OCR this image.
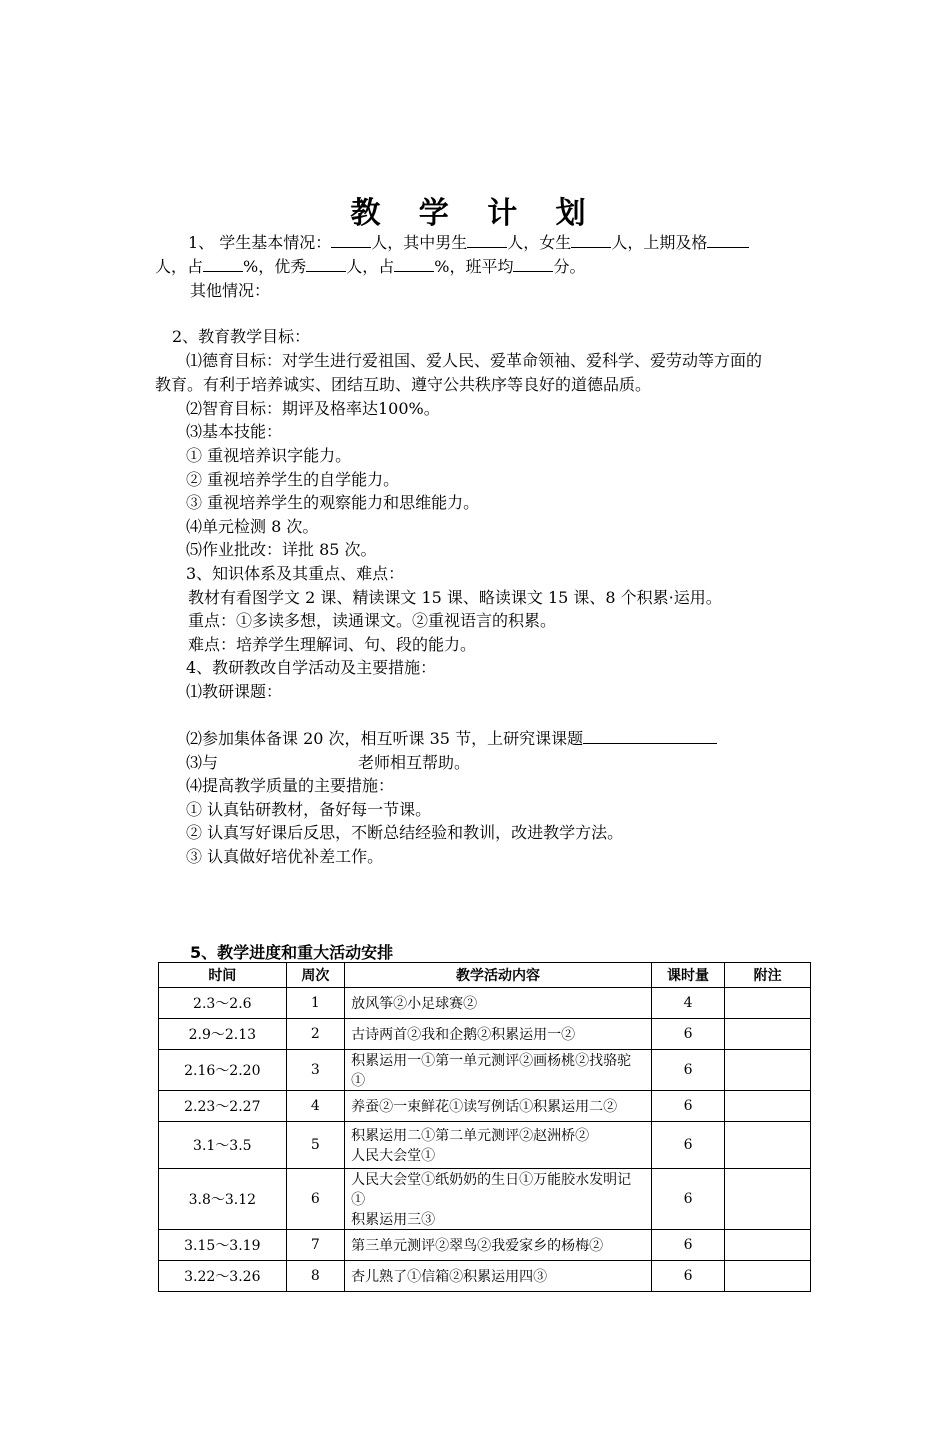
教 学 计 划
1、 学生基本情况：	人，其中男生	人，女生	人，上期及格
人，占	%，优秀	人，占	%，班平均	分。
其他情况：
2、教育教学目标：
⑴德育目标：对学生进行爱祖国、爱人民、爱革命领袖、爱科学、爱劳动等方面的
教育。有利于培养诚实、团结互助、遵守公共秩序等良好的道德品质。
⑵智育目标：期评及格率达100%。
⑶基本技能：
① 重视培养识字能力。
② 重视培养学生的自学能力。
③ 重视培养学生的观察能力和思维能力。
⑷单元检测 8 次。
⑸作业批改：详批 85 次。
3、知识体系及其重点、难点：
教材有看图学文 2 课、精读课文 15 课、略读课文 15 课、8 个积累·运用。
重点：①多读多想，读通课文。②重视语言的积累。
难点：培养学生理解词、句、段的能力。
4、教研教改自学活动及主要措施：
⑴教研课题：
⑵参加集体备课 20 次，相互听课 35 节，上研究课课题
⑶与	老师相互帮助。
⑷提高教学质量的主要措施：
① 认真钻研教材，备好每一节课。
② 认真写好课后反思，不断总结经验和教训，改进教学方法。
③ 认真做好培优补差工作。
5、教学进度和重大活动安排
时间	周次	教学活动内容	课时量	附注
2.3～2.6	1	放风筝②小足球赛②	4	
2.9～2.13	2	古诗两首②我和企鹅②积累运用一②	6	
2.16～2.20	3	积累运用一①第一单元测评②画杨桃②找骆驼①	6	
2.23～2.27	4	养蚕②一束鲜花①读写例话①积累运用二②	6	
3.1～3.5	5	积累运用二①第二单元测评②赵洲桥②
人民大会堂①	6	
3.8～3.12	6	人民大会堂①纸奶奶的生日①万能胶水发明记①
积累运用三③	6	
3.15～3.19	7	第三单元测评②翠鸟②我爱家乡的杨梅②	6	
3.22～3.26	8	杏儿熟了①信箱②积累运用四③	6	
